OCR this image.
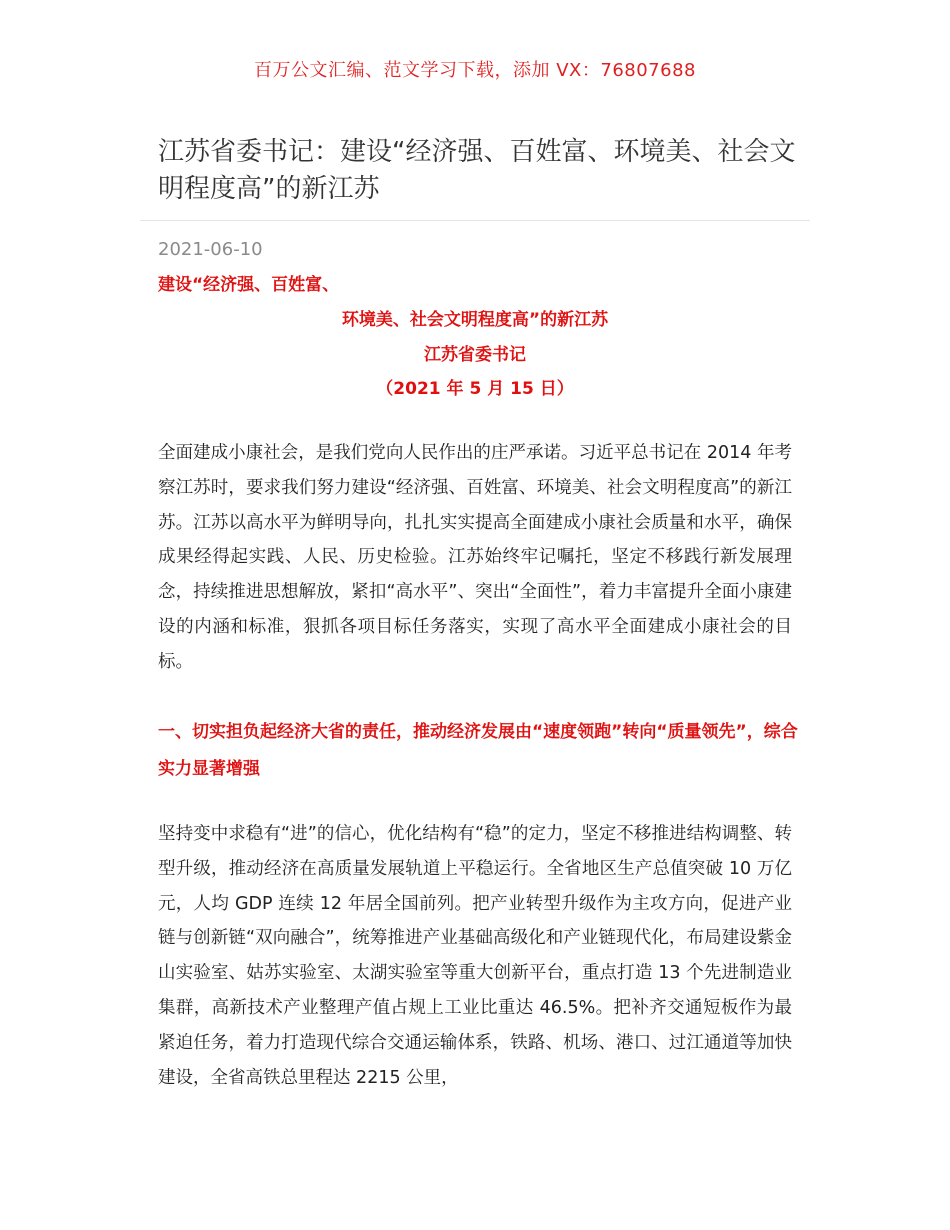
百万公文汇编、范文学习下载，添加 VX：76807688
江苏省委书记：建设“经济强、百姓富、环境美、社会文明程度高”的新江苏
2021-06-10
建设“经济强、百姓富、
环境美、社会文明程度高”的新江苏
江苏省委书记
（2021 年 5 月 15 日）

全面建成小康社会，是我们党向人民作出的庄严承诺。习近平总书记在 2014 年考察江苏时，要求我们努力建设“经济强、百姓富、环境美、社会文明程度高”的新江苏。江苏以高水平为鲜明导向，扎扎实实提高全面建成小康社会质量和水平，确保成果经得起实践、人民、历史检验。江苏始终牢记嘱托，坚定不移践行新发展理念，持续推进思想解放，紧扣“高水平”、突出“全面性”，着力丰富提升全面小康建设的内涵和标准，狠抓各项目标任务落实，实现了高水平全面建成小康社会的目标。

一、切实担负起经济大省的责任，推动经济发展由“速度领跑”转向“质量领先”，综合实力显著增强

坚持变中求稳有“进”的信心，优化结构有“稳”的定力，坚定不移推进结构调整、转型升级，推动经济在高质量发展轨道上平稳运行。全省地区生产总值突破 10 万亿元，人均 GDP 连续 12 年居全国前列。把产业转型升级作为主攻方向，促进产业链与创新链“双向融合”，统筹推进产业基础高级化和产业链现代化，布局建设紫金山实验室、姑苏实验室、太湖实验室等重大创新平台，重点打造 13 个先进制造业集群，高新技术产业整理产值占规上工业比重达 46.5%。把补齐交通短板作为最紧迫任务，着力打造现代综合交通运输体系，铁路、机场、港口、过江通道等加快建设，全省高铁总里程达 2215 公里，
